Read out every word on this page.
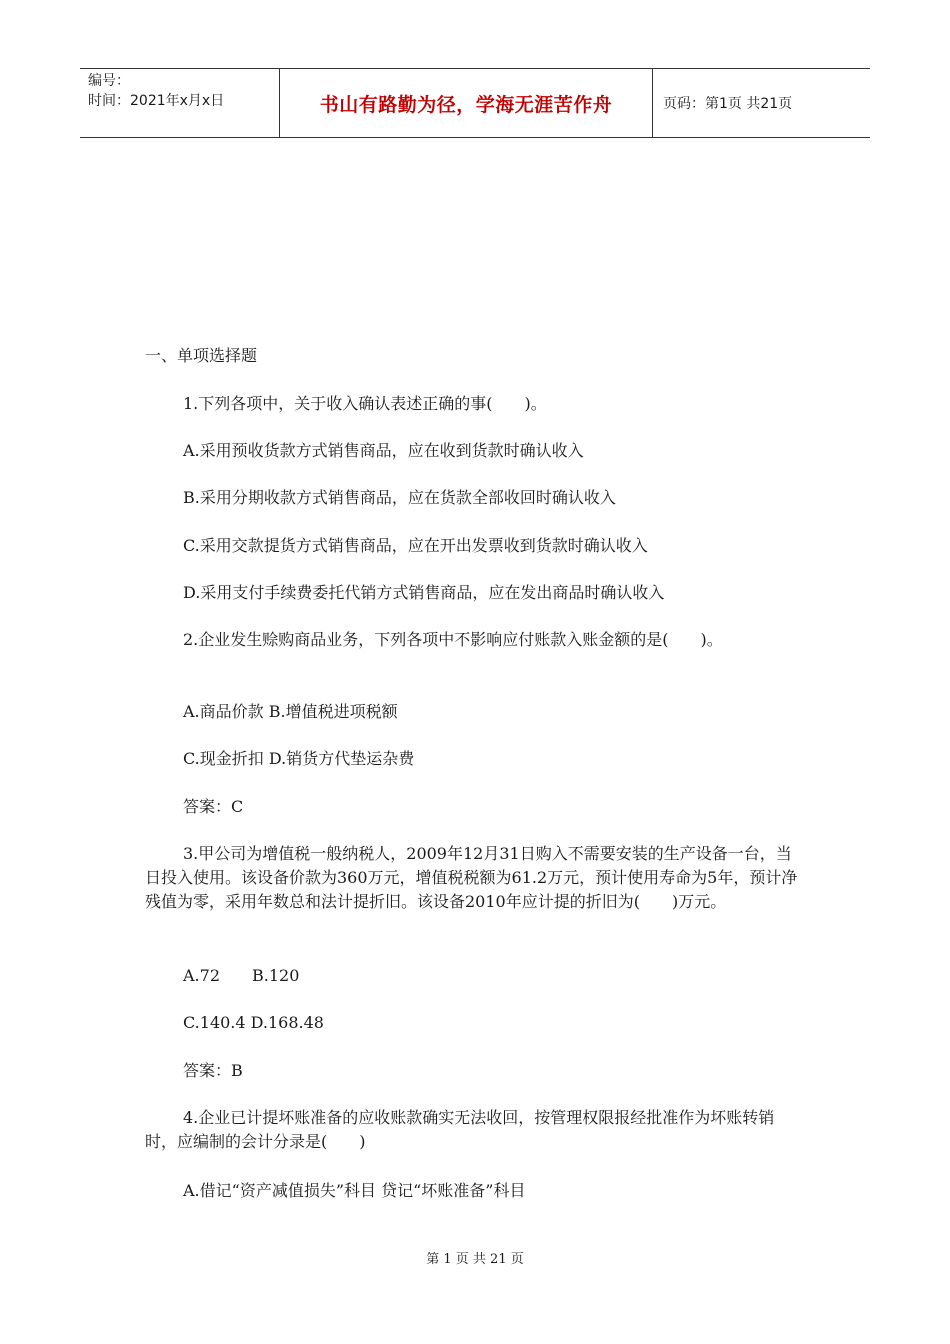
编号：
时间：2021年x月x日	书山有路勤为径，学海无涯苦作舟	页码：第1页 共21页
一、单项选择题
1.下列各项中，关于收入确认表述正确的事(　　)。
A.采用预收货款方式销售商品，应在收到货款时确认收入
B.采用分期收款方式销售商品，应在货款全部收回时确认收入
C.采用交款提货方式销售商品，应在开出发票收到货款时确认收入
D.采用支付手续费委托代销方式销售商品，应在发出商品时确认收入
2.企业发生赊购商品业务，下列各项中不影响应付账款入账金额的是(　　)。
A.商品价款 B.增值税进项税额
C.现金折扣 D.销货方代垫运杂费
答案：C
3.甲公司为增值税一般纳税人，2009年12月31日购入不需要安装的生产设备一台，当日投入使用。该设备价款为360万元，增值税税额为61.2万元，预计使用寿命为5年，预计净残值为零，采用年数总和法计提折旧。该设备2010年应计提的折旧为(　　)万元。
A.72　　B.120
C.140.4 D.168.48
答案：B
4.企业已计提坏账准备的应收账款确实无法收回，按管理权限报经批准作为坏账转销时，应编制的会计分录是(　　)
A.借记“资产减值损失”科目 贷记“坏账准备”科目
第 1 页 共 21 页
